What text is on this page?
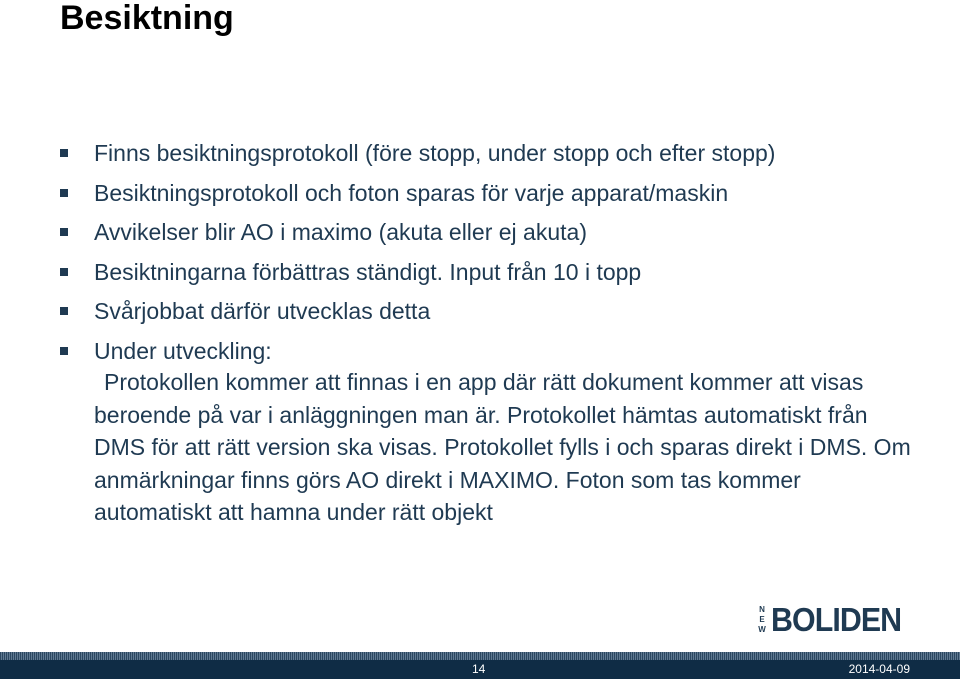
Besiktning
Finns besiktningsprotokoll (före stopp, under stopp och efter stopp)
Besiktningsprotokoll och foton sparas för varje apparat/maskin
Avvikelser blir AO i maximo (akuta eller ej akuta)
Besiktningarna förbättras ständigt. Input från 10 i topp
Svårjobbat därför utvecklas detta
Under utveckling:

Protokollen kommer att finnas i en app där rätt dokument kommer att visas beroende på var i anläggningen man är. Protokollet hämtas automatiskt från DMS för att rätt version ska visas. Protokollet fylls i och sparas direkt i DMS. Om anmärkningar finns görs AO direkt i MAXIMO. Foton som tas kommer automatiskt att hamna under rätt objekt

N
E
W BOLIDEN
14	2014-04-09
